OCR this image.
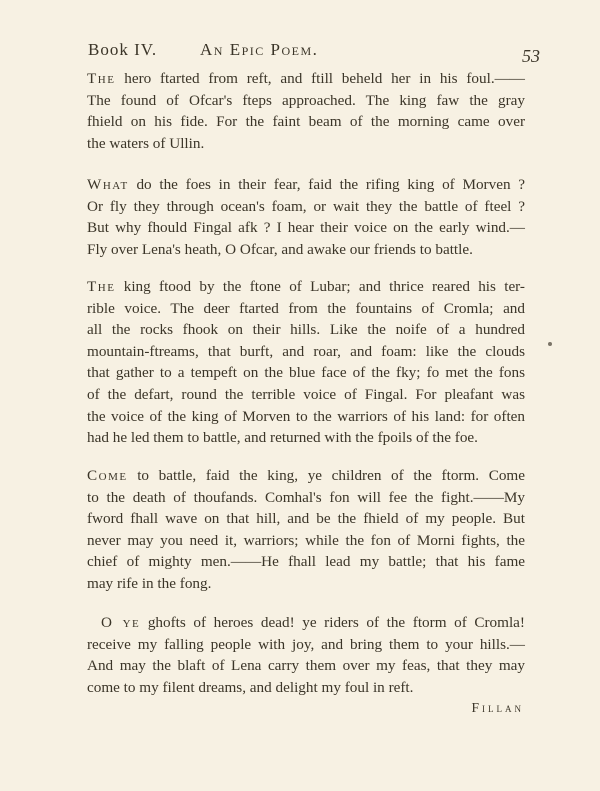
Book IV.	An Epic Poem.	53
The hero ftarted from reft, and ftill beheld her in his foul.——
The found of Ofcar's fteps approached. The king faw the gray
fhield on his fide. For the faint beam of the morning came over
the waters of Ullin.
What do the foes in their fear, faid the rifing king of Morven ?
Or fly they through ocean's foam, or wait they the battle of fteel ?
But why fhould Fingal afk ? I hear their voice on the early wind.—
Fly over Lena's heath, O Ofcar, and awake our friends to battle.
The king ftood by the ftone of Lubar; and thrice reared his ter-
rible voice. The deer ftarted from the fountains of Cromla; and
all the rocks fhook on their hills. Like the noife of a hundred
mountain-ftreams, that burft, and roar, and foam: like the clouds
that gather to a tempeft on the blue face of the fky; fo met the fons
of the defart, round the terrible voice of Fingal. For pleafant was
the voice of the king of Morven to the warriors of his land: for often
had he led them to battle, and returned with the fpoils of the foe.
Come to battle, faid the king, ye children of the ftorm. Come
to the death of thoufands. Comhal's fon will fee the fight.——My
fword fhall wave on that hill, and be the fhield of my people. But
never may you need it, warriors; while the fon of Morni fights, the
chief of mighty men.——He fhall lead my battle; that his fame
may rife in the fong.
O ye ghofts of heroes dead! ye riders of the ftorm of Cromla!
receive my falling people with joy, and bring them to your hills.—
And may the blaft of Lena carry them over my feas, that they may
come to my filent dreams, and delight my foul in reft.
Fillan
